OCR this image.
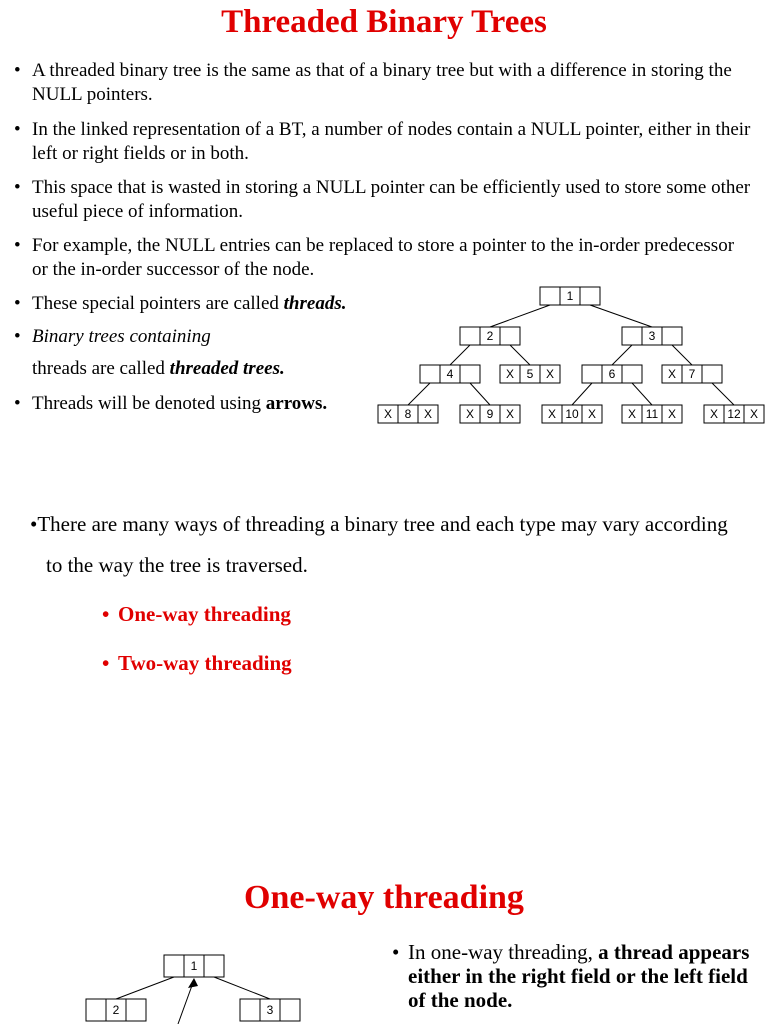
Threaded Binary Trees
• A threaded binary tree is the same as that of a binary tree but with a difference in storing the NULL pointers.
• In the linked representation of a BT, a number of nodes contain a NULL pointer, either in their left or right fields or in both.
• This space that is wasted in storing a NULL pointer can be efficiently used to store some other useful piece of information.
• For example, the NULL entries can be replaced to store a pointer to the in-order predecessor or the in-order successor of the node.
• These special pointers are called threads.
• Binary trees containing
threads are called threaded trees.
• Threads will be denoted using arrows.
1
2	3
4	5
X	X	6	7
X
8
X	X	9
X	X	10
X	X	11
X	X	12
X	X
•There are many ways of threading a binary tree and each type may vary according to the way the tree is traversed.
• One-way threading
• Two-way threading
One-way threading
• In one-way threading, a thread appears either in the right field or the left field of the node.
1
2	3
